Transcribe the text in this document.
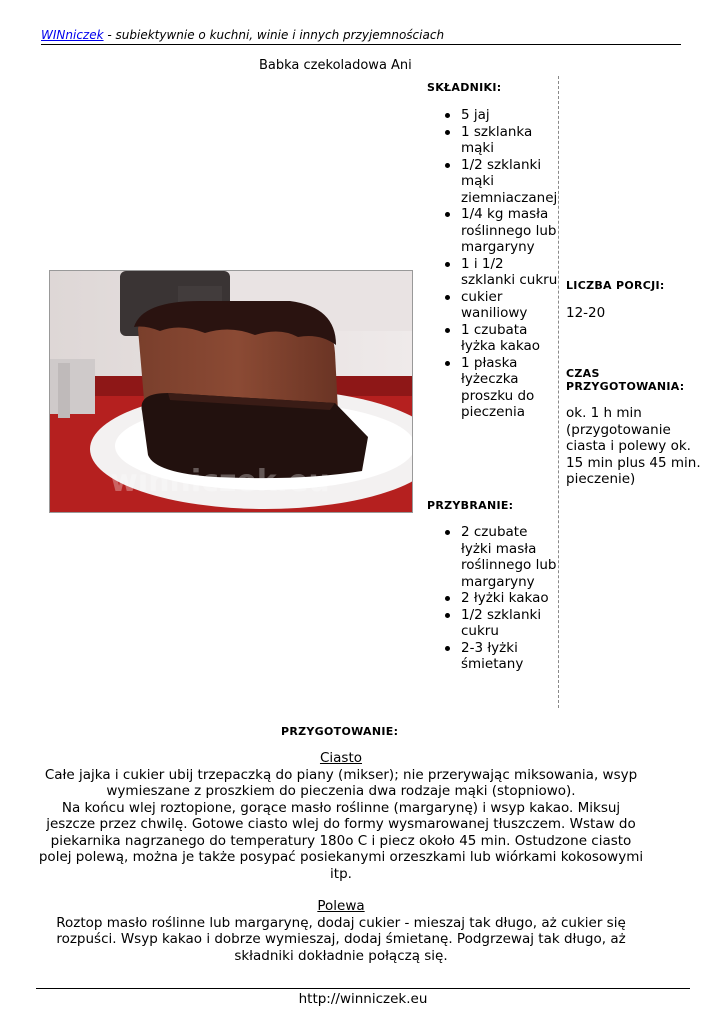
WINniczek - subiektywnie o kuchni, winie i innych przyjemnościach
Babka czekoladowa Ani
winniczek.eu
SKŁADNIKI:
5 jaj
1 szklanka mąki
1/2 szklanki mąki ziemniaczanej
1/4 kg masła roślinnego lub margaryny
1 i 1/2 szklanki cukru
cukier waniliowy
1 czubata łyżka kakao
1 płaska łyżeczka proszku do pieczenia
PRZYBRANIE:
2 czubate łyżki masła roślinnego lub margaryny
2 łyżki kakao
1/2 szklanki cukru
2-3 łyżki śmietany
LICZBA PORCJI:
12-20
CZAS PRZYGOTOWANIA:
ok. 1 h min (przygotowanie ciasta i polewy ok. 15 min plus 45 min. pieczenie)
PRZYGOTOWANIE:
Ciasto
Całe jajka i cukier ubij trzepaczką do piany (mikser); nie przerywając miksowania, wsyp wymieszane z proszkiem do pieczenia dwa rodzaje mąki (stopniowo).
Na końcu wlej roztopione, gorące masło roślinne (margarynę) i wsyp kakao. Miksuj jeszcze przez chwilę. Gotowe ciasto wlej do formy wysmarowanej tłuszczem. Wstaw do piekarnika nagrzanego do temperatury 180o C i piecz około 45 min. Ostudzone ciasto polej polewą, można je także posypać posiekanymi orzeszkami lub wiórkami kokosowymi itp.
Polewa
Roztop masło roślinne lub margarynę, dodaj cukier - mieszaj tak długo, aż cukier się rozpuści. Wsyp kakao i dobrze wymieszaj, dodaj śmietanę. Podgrzewaj tak długo, aż składniki dokładnie połączą się.
http://winniczek.eu
